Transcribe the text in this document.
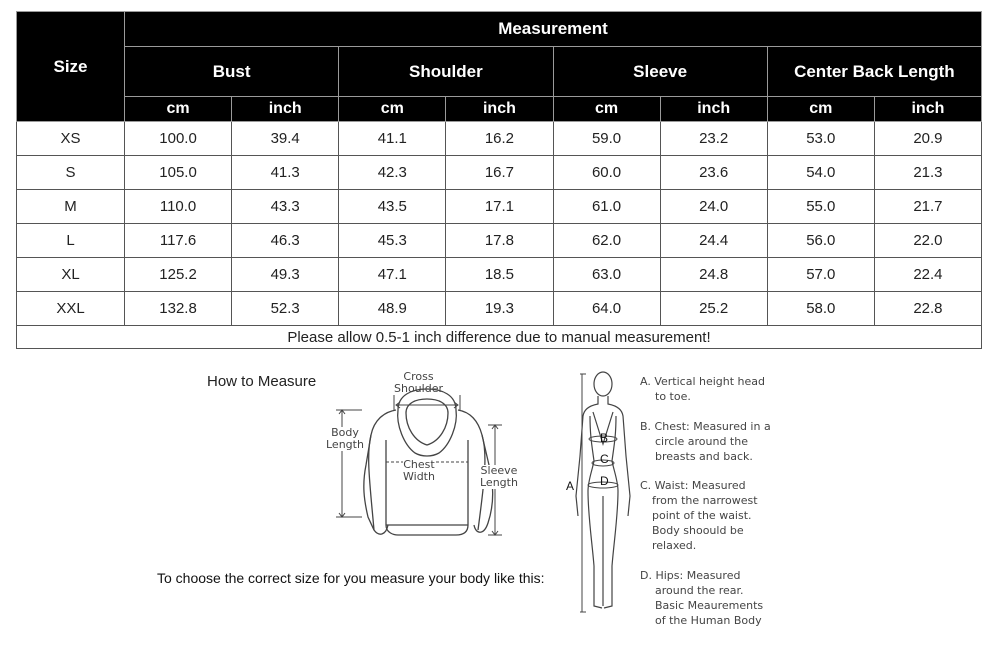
Size	Measurement							
	Bust		Shoulder		Sleeve		Center Back Length	
	cm	inch	cm	inch	cm	inch	cm	inch
XS	100.0	39.4	41.1	16.2	59.0	23.2	53.0	20.9
S	105.0	41.3	42.3	16.7	60.0	23.6	54.0	21.3
M	110.0	43.3	43.5	17.1	61.0	24.0	55.0	21.7
L	117.6	46.3	45.3	17.8	62.0	24.4	56.0	22.0
XL	125.2	49.3	47.1	18.5	63.0	24.8	57.0	22.4
XXL	132.8	52.3	48.9	19.3	64.0	25.2	58.0	22.8
Please allow 0.5-1 inch difference due to manual measurement!								
How to Measure
To choose the correct size for you measure your body like this:
Cross
Shoulder
Body
Length
Chest
Width	Sleeve
Length
B
C
D
A
A. Vertical height head
to toe.
B. Chest: Measured in a
circle around the
breasts and back.
C. Waist: Measured
from the narrowest
point of the waist.
Body shoould be
relaxed.
D. Hips: Measured
around the rear.
Basic Meaurements
of the Human Body
